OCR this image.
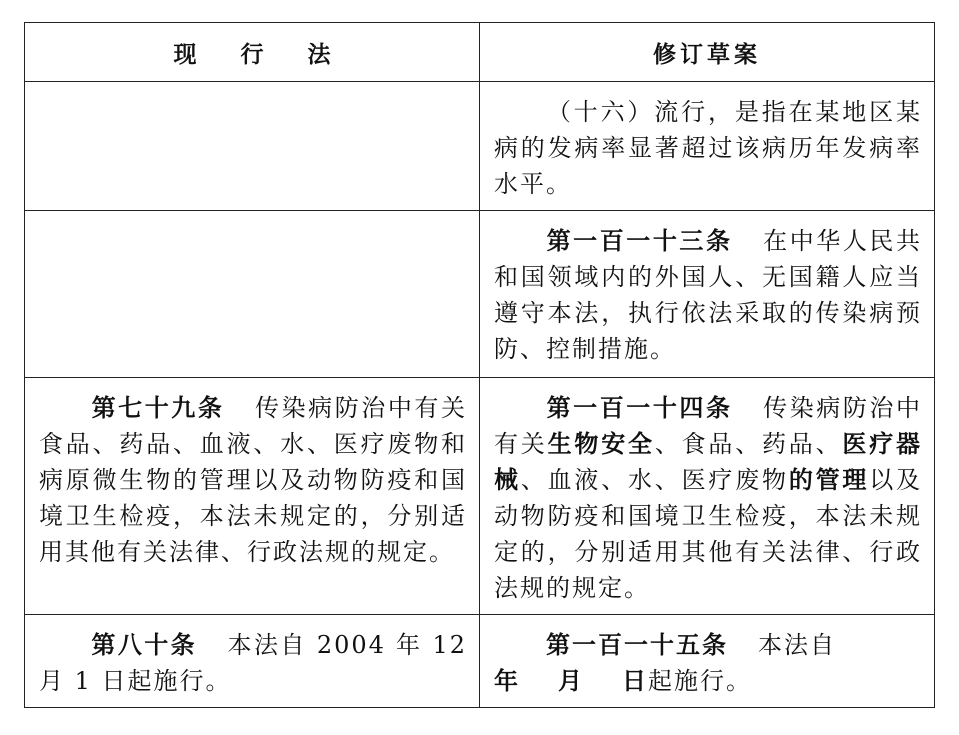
现 行 法	修订草案

	（十六）流行，是指在某地区某病的发病率显著超过该病历年发病率水平。

	第一百一十三条 在中华人民共和国领域内的外国人、无国籍人应当遵守本法，执行依法采取的传染病预防、控制措施。

第七十九条 传染病防治中有关食品、药品、血液、水、医疗废物和病原微生物的管理以及动物防疫和国境卫生检疫，本法未规定的，分别适用其他有关法律、行政法规的规定。	第一百一十四条 传染病防治中有关生物安全、食品、药品、医疗器械、血液、水、医疗废物的管理以及动物防疫和国境卫生检疫，本法未规定的，分别适用其他有关法律、行政法规的规定。

第八十条 本法自 2004 年 12 月 1 日起施行。	第一百一十五条 本法自
年 月 日起施行。
